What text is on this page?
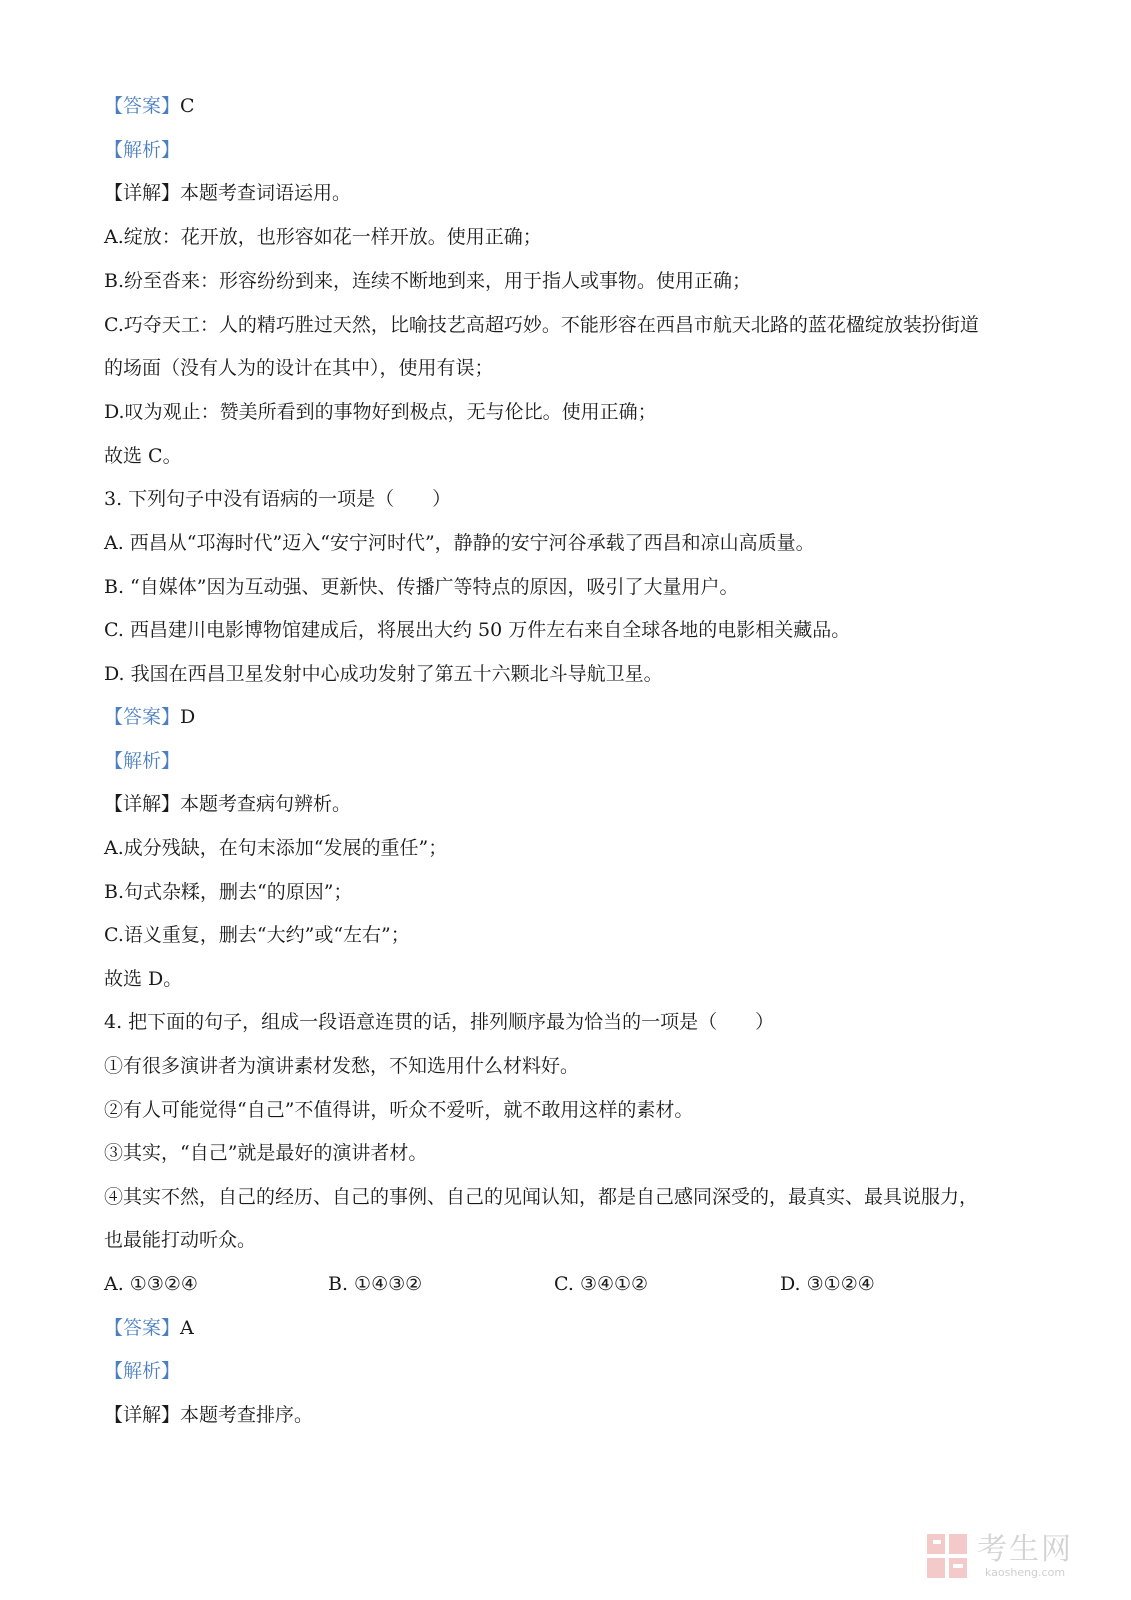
【答案】C
【解析】
【详解】本题考查词语运用。
A.绽放：花开放，也形容如花一样开放。使用正确；
B.纷至沓来：形容纷纷到来，连续不断地到来，用于指人或事物。使用正确；
C.巧夺天工：人的精巧胜过天然，比喻技艺高超巧妙。不能形容在西昌市航天北路的蓝花楹绽放装扮街道
的场面（没有人为的设计在其中），使用有误；
D.叹为观止：赞美所看到的事物好到极点，无与伦比。使用正确；
故选 C。
3. 下列句子中没有语病的一项是（　　）
A. 西昌从“邛海时代”迈入“安宁河时代”，静静的安宁河谷承载了西昌和凉山高质量。
B. “自媒体”因为互动强、更新快、传播广等特点的原因，吸引了大量用户。
C. 西昌建川电影博物馆建成后，将展出大约 50 万件左右来自全球各地的电影相关藏品。
D. 我国在西昌卫星发射中心成功发射了第五十六颗北斗导航卫星。
【答案】D
【解析】
【详解】本题考查病句辨析。
A.成分残缺，在句末添加“发展的重任”；
B.句式杂糅，删去“的原因”；
C.语义重复，删去“大约”或“左右”；
故选 D。
4. 把下面的句子，组成一段语意连贯的话，排列顺序最为恰当的一项是（　　）
①有很多演讲者为演讲素材发愁，不知选用什么材料好。
②有人可能觉得“自己”不值得讲，听众不爱听，就不敢用这样的素材。
③其实，“自己”就是最好的演讲者材。
④其实不然，自己的经历、自己的事例、自己的见闻认知，都是自己感同深受的，最真实、最具说服力，
也最能打动听众。
A. ①③②④	B. ①④③②	C. ③④①②	D. ③①②④
【答案】A
【解析】
【详解】本题考查排序。
考生网
kaosheng.com
